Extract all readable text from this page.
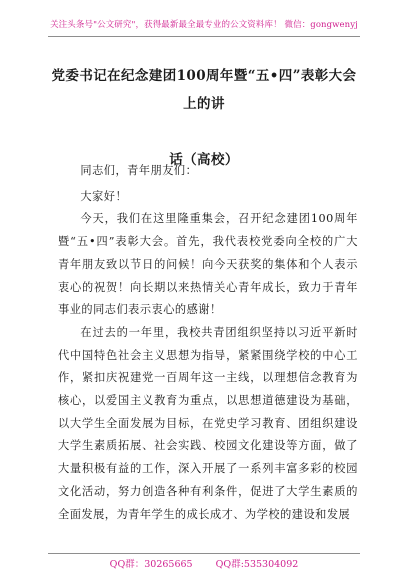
关注头条号"公文研究"，获得最新最全最专业的公文资料库！ 微信：gongwenyj
党委书记在纪念建团100周年暨“五•四”表彰大会上的讲
话（高校）

同志们，青年朋友们：

大家好！

今天，我们在这里隆重集会，召开纪念建团100周年暨“五•四”表彰大会。首先，我代表校党委向全校的广大青年朋友致以节日的问候！向今天获奖的集体和个人表示衷心的祝贺！向长期以来热情关心青年成长，致力于青年事业的同志们表示衷心的感谢！

在过去的一年里，我校共青团组织坚持以习近平新时代中国特色社会主义思想为指导，紧紧围绕学校的中心工作，紧扣庆祝建党一百周年这一主线，以理想信念教育为核心，以爱国主义教育为重点，以思想道德建设为基础，以大学生全面发展为目标，在党史学习教育、团组织建设大学生素质拓展、社会实践、校园文化建设等方面，做了大量积极有益的工作，深入开展了一系列丰富多彩的校园文化活动，努力创造各种有利条件，促进了大学生素质的全面发展，为青年学生的成长成才、为学校的建设和发展

QQ群：30265665 QQ群:535304092
